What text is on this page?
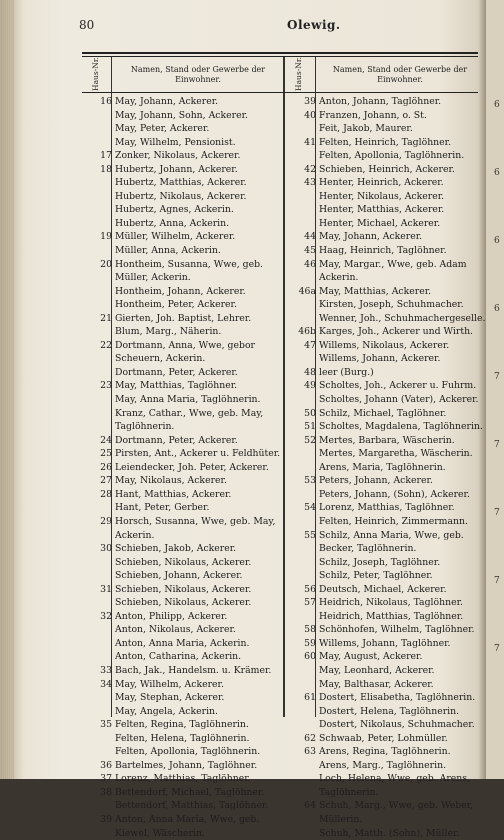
80	Olewig.
Haus-Nr.	Namen, Stand oder Gewerbe der Einwohner.	Haus-Nr.	Namen, Stand oder Gewerbe der Einwohner.
16 May, Johann, Ackerer.
May, Johann, Sohn, Ackerer.
May, Peter, Ackerer.
May, Wilhelm, Pensionist.
17 Zonker, Nikolaus, Ackerer.
18 Hubertz, Johann, Ackerer.
Hubertz, Matthias, Ackerer.
Hubertz, Nikolaus, Ackerer.
Hubertz, Agnes, Ackerin.
Hubertz, Anna, Ackerin.
19 Müller, Wilhelm, Ackerer.
Müller, Anna, Ackerin.
20 Hontheim, Susanna, Wwe, geb.
Müller, Ackerin.
Hontheim, Johann, Ackerer.
Hontheim, Peter, Ackerer.
21 Gierten, Joh. Baptist, Lehrer.
Blum, Marg., Näherin.
22 Dortmann, Anna, Wwe, gebor
Scheuern, Ackerin.
Dortmann, Peter, Ackerer.
23 May, Matthias, Taglöhner.
May, Anna Maria, Taglöhnerin.
Kranz, Cathar., Wwe, geb. May,
Taglöhnerin.
24 Dortmann, Peter, Ackerer.
25 Pirsten, Ant., Ackerer u. Feldhüter.
26 Leiendecker, Joh. Peter, Ackerer.
27 May, Nikolaus, Ackerer.
28 Hant, Matthias, Ackerer.
Hant, Peter, Gerber.
29 Horsch, Susanna, Wwe, geb. May,
Ackerin.
30 Schieben, Jakob, Ackerer.
Schieben, Nikolaus, Ackerer.
Schieben, Johann, Ackerer.
31 Schieben, Nikolaus, Ackerer.
Schieben, Nikolaus, Ackerer.
32 Anton, Philipp, Ackerer.
Anton, Nikolaus, Ackerer.
Anton, Anna Maria, Ackerin.
Anton, Catharina, Ackerin.
33 Bach, Jak., Handelsm. u. Krämer.
34 May, Wilhelm, Ackerer.
May, Stephan, Ackerer.
May, Angela, Ackerin.
35 Felten, Regina, Taglöhnerin.
Felten, Helena, Taglöhnerin.
Felten, Apollonia, Taglöhnerin.
36 Bartelmes, Johann, Taglöhner.
37 Lorenz, Matthias, Taglöhner.
38 Bettendorf, Michael, Taglöhner.
Bettendorf, Matthias, Taglöhner.
39 Anton, Anna Maria, Wwe, geb.
Kiewel, Wäscherin.
39 Anton, Johann, Taglöhner.
40 Franzen, Johann, o. St.
Feit, Jakob, Maurer.
41 Felten, Heinrich, Taglöhner.
Felten, Apollonia, Taglöhnerin.
42 Schieben, Heinrich, Ackerer.
43 Henter, Heinrich, Ackerer.
Henter, Nikolaus, Ackerer.
Henter, Matthias, Ackerer.
Henter, Michael, Ackerer.
44 May, Johann, Ackerer.
45 Haag, Heinrich, Taglöhner.
46 May, Margar., Wwe, geb. Adam
Ackerin.
46a May, Matthias, Ackerer.
Kirsten, Joseph, Schuhmacher.
Wenner, Joh., Schuhmachergeselle.
46b Karges, Joh., Ackerer und Wirth.
47 Willems, Nikolaus, Ackerer.
Willems, Johann, Ackerer.
48 leer (Burg.)
49 Scholtes, Joh., Ackerer u. Fuhrm.
Scholtes, Johann (Vater), Ackerer.
50 Schilz, Michael, Taglöhner.
51 Scholtes, Magdalena, Taglöhnerin.
52 Mertes, Barbara, Wäscherin.
Mertes, Margaretha, Wäscherin.
Arens, Maria, Taglöhnerin.
53 Peters, Johann, Ackerer.
Peters, Johann, (Sohn), Ackerer.
54 Lorenz, Matthias, Taglöhner.
Felten, Heinrich, Zimmermann.
55 Schilz, Anna Maria, Wwe, geb.
Becker, Taglöhnerin.
Schilz, Joseph, Taglöhner.
Schilz, Peter, Taglöhner.
56 Deutsch, Michael, Ackerer.
57 Heidrich, Nikolaus, Taglöhner.
Heidrich, Matthias, Taglöhner.
58 Schönhofen, Wilhelm, Taglöhner.
59 Willems, Johann, Taglöhner.
60 May, August, Ackerer.
May, Leonhard, Ackerer.
May, Balthasar, Ackerer.
61 Dostert, Elisabetha, Taglöhnerin.
Dostert, Helena, Taglöhnerin.
Dostert, Nikolaus, Schuhmacher.
62 Schwaab, Peter, Lohmüller.
63 Arens, Regina, Taglöhnerin.
Arens, Marg., Taglöhnerin.
Loch, Helena, Wwe, geb. Arens,
Taglöhnerin.
64 Schuh, Marg., Wwe, geb. Weber,
Müllerin.
Schuh, Matth. (Sohn), Müller.
6
6
6
6
7
7
7
7
7
